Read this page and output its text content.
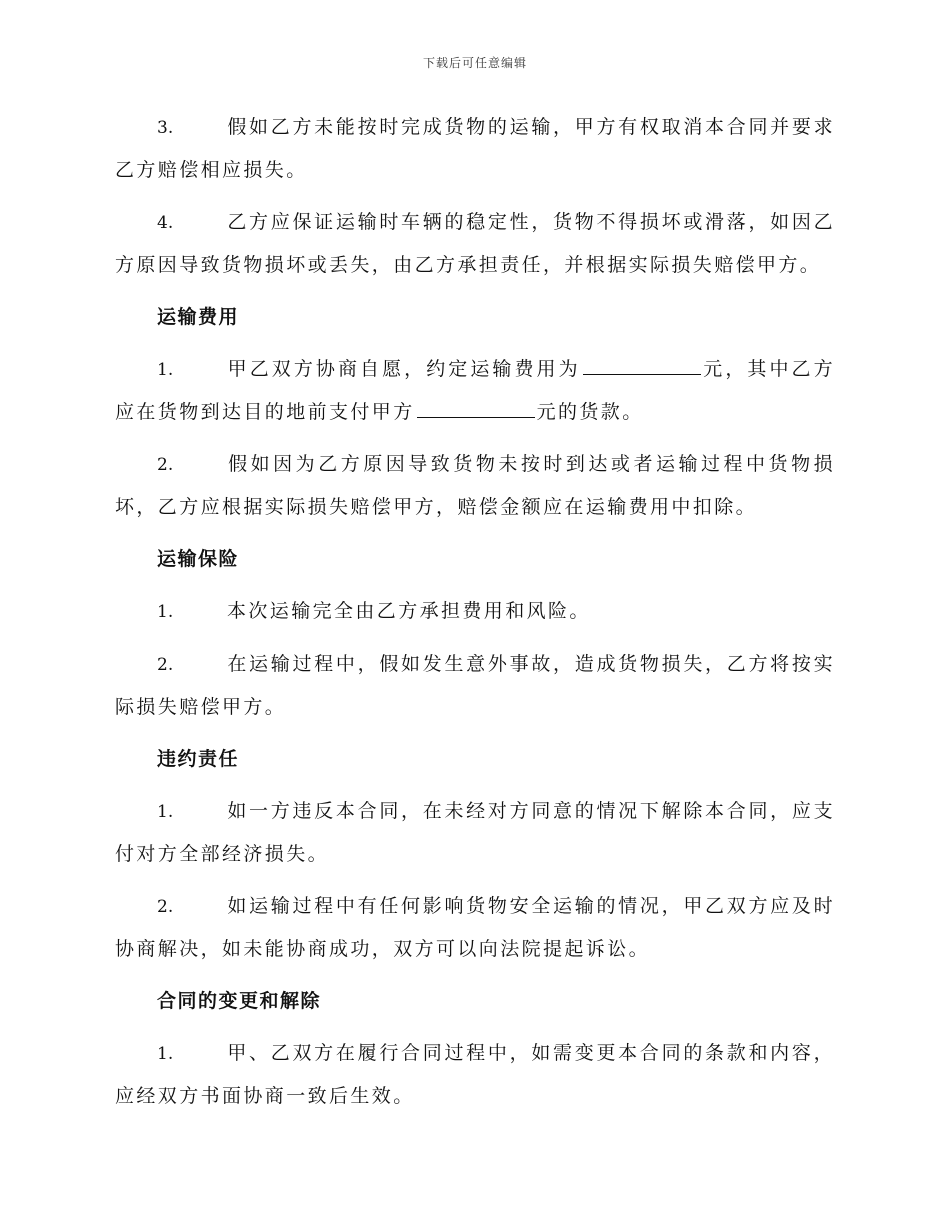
下载后可任意编辑

3.	假如乙方未能按时完成货物的运输，甲方有权取消本合同并要求乙方赔偿相应损失。

4.	乙方应保证运输时车辆的稳定性，货物不得损坏或滑落，如因乙方原因导致货物损坏或丢失，由乙方承担责任，并根据实际损失赔偿甲方。

运输费用

1.	甲乙双方协商自愿，约定运输费用为	元，其中乙方应在货物到达目的地前支付甲方	元的货款。

2.	假如因为乙方原因导致货物未按时到达或者运输过程中货物损坏，乙方应根据实际损失赔偿甲方，赔偿金额应在运输费用中扣除。

运输保险

1.	本次运输完全由乙方承担费用和风险。

2.	在运输过程中，假如发生意外事故，造成货物损失，乙方将按实际损失赔偿甲方。

违约责任

1.	如一方违反本合同，在未经对方同意的情况下解除本合同，应支付对方全部经济损失。

2.	如运输过程中有任何影响货物安全运输的情况，甲乙双方应及时协商解决，如未能协商成功，双方可以向法院提起诉讼。

合同的变更和解除

1.	甲、乙双方在履行合同过程中，如需变更本合同的条款和内容，应经双方书面协商一致后生效。
